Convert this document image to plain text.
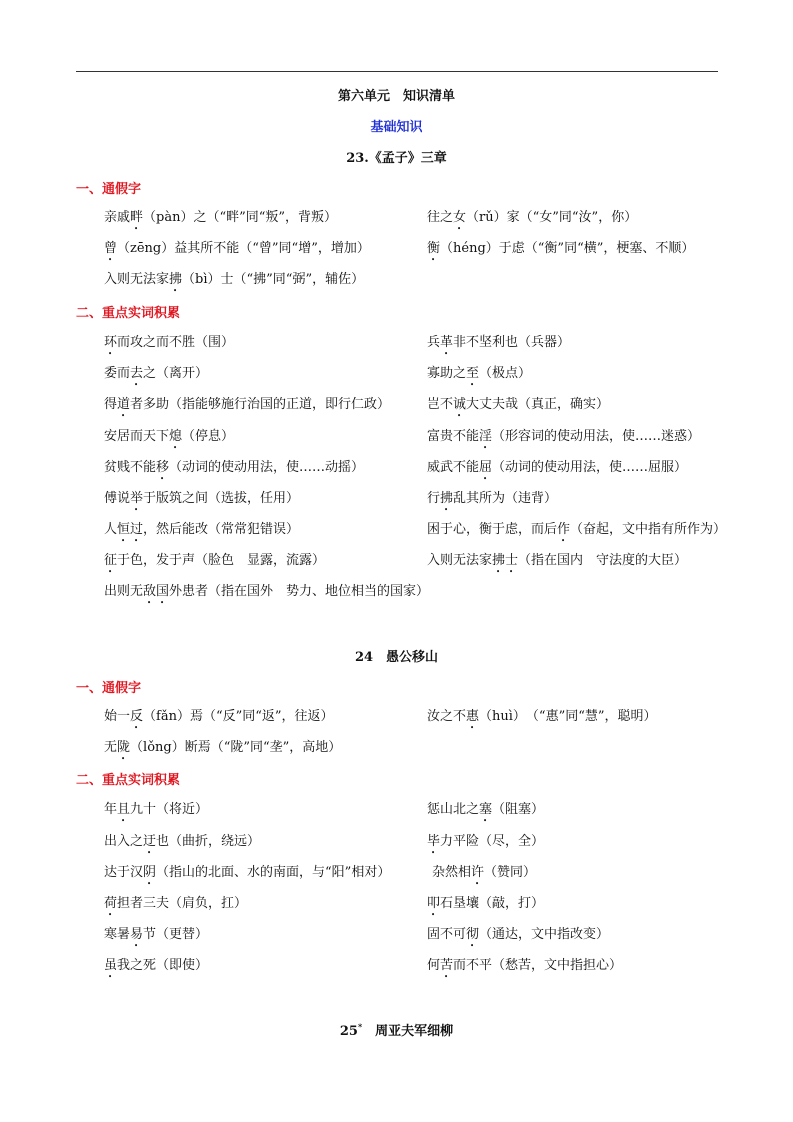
第六单元　知识清单
基础知识
23.《孟子》三章
一、通假字
亲戚畔（pàn）之（“畔”同“叛”，背叛）	往之女（rǔ）家（“女”同“汝”，你）
曾（zēng）益其所不能（“曾”同“增”，增加）	衡（héng）于虑（“衡”同“横”，梗塞、不顺）
入则无法家拂（bì）士（“拂”同“弼”，辅佐）
二、重点实词积累
环而攻之而不胜（围）	兵革非不坚利也（兵器）
委而去之（离开）	寡助之至（极点）
得道者多助（指能够施行治国的正道，即行仁政）	岂不诚大丈夫哉（真正，确实）
安居而天下熄（停息）	富贵不能淫（形容词的使动用法，使……迷惑）
贫贱不能移（动词的使动用法，使……动摇）	威武不能屈（动词的使动用法，使……屈服）
傅说举于版筑之间（选拔，任用）	行拂乱其所为（违背）
人恒过，然后能改（常常犯错误）	困于心，衡于虑，而后作（奋起，文中指有所作为）
征于色，发于声（脸色　显露，流露）	入则无法家拂士（指在国内　守法度的大臣）
出则无敌国外患者（指在国外　势力、地位相当的国家）
24　愚公移山
一、通假字
始一反（fǎn）焉（“反”同“返”，往返）	汝之不惠（huì）　（“惠”同“慧”，聪明）
无陇（lǒng）断焉（“陇”同“垄”，高地）
二、重点实词积累
年且九十（将近）	惩山北之塞（阻塞）
出入之迂也（曲折，绕远）	毕力平险（尽，全）
达于汉阴（指山的北面、水的南面，与“阳”相对）	杂然相许（赞同）
荷担者三夫（肩负，扛）	叩石垦壤（敲，打）
寒暑易节（更替）	固不可彻（通达，文中指改变）
虽我之死（即使）	何苦而不平（愁苦，文中指担心）
25*　周亚夫军细柳
